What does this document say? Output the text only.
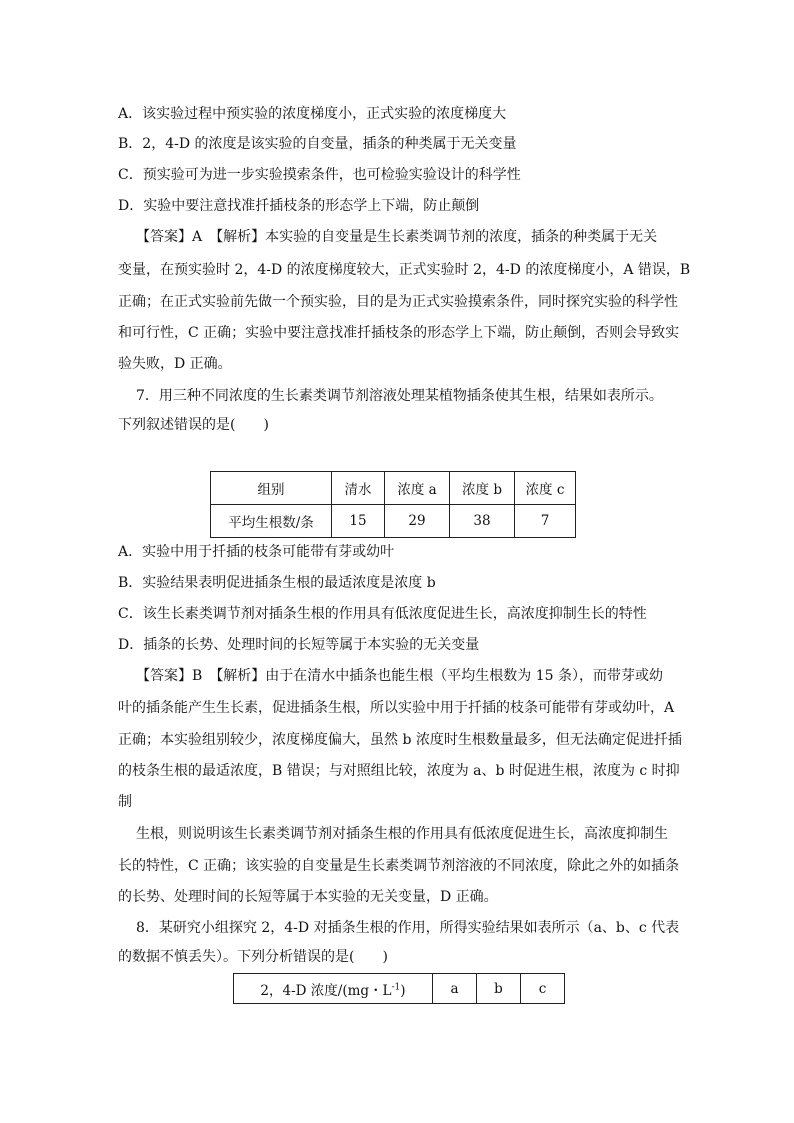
A．该实验过程中预实验的浓度梯度小，正式实验的浓度梯度大
B．2，4-D 的浓度是该实验的自变量，插条的种类属于无关变量
C．预实验可为进一步实验摸索条件，也可检验实验设计的科学性
D．实验中要注意找准扦插枝条的形态学上下端，防止颠倒
【答案】A　【解析】本实验的自变量是生长素类调节剂的浓度，插条的种类属于无关
变量，在预实验时 2，4-D 的浓度梯度较大，正式实验时 2，4-D 的浓度梯度小，A 错误，B
正确；在正式实验前先做一个预实验，目的是为正式实验摸索条件，同时探究实验的科学性
和可行性，C 正确；实验中要注意找准扦插枝条的形态学上下端，防止颠倒，否则会导致实
验失败，D 正确。
7．用三种不同浓度的生长素类调节剂溶液处理某植物插条使其生根，结果如表所示。
下列叙述错误的是(　　)
组别	清水	浓度 a	浓度 b	浓度 c
平均生根数/条	15	29	38	7
A．实验中用于扦插的枝条可能带有芽或幼叶
B．实验结果表明促进插条生根的最适浓度是浓度 b
C．该生长素类调节剂对插条生根的作用具有低浓度促进生长，高浓度抑制生长的特性
D．插条的长势、处理时间的长短等属于本实验的无关变量
【答案】B　【解析】由于在清水中插条也能生根（平均生根数为 15 条），而带芽或幼
叶的插条能产生生长素，促进插条生根，所以实验中用于扦插的枝条可能带有芽或幼叶，A
正确；本实验组别较少，浓度梯度偏大，虽然 b 浓度时生根数量最多，但无法确定促进扦插
的枝条生根的最适浓度，B 错误；与对照组比较，浓度为 a、b 时促进生根，浓度为 c 时抑
制
生根，则说明该生长素类调节剂对插条生根的作用具有低浓度促进生长，高浓度抑制生
长的特性，C 正确；该实验的自变量是生长素类调节剂溶液的不同浓度，除此之外的如插条
的长势、处理时间的长短等属于本实验的无关变量，D 正确。
8．某研究小组探究 2，4-D 对插条生根的作用，所得实验结果如表所示（a、b、c 代表
的数据不慎丢失）。下列分析错误的是(　　)
2，4-D 浓度/(mg・$L^{-1}$)	a	b	c
